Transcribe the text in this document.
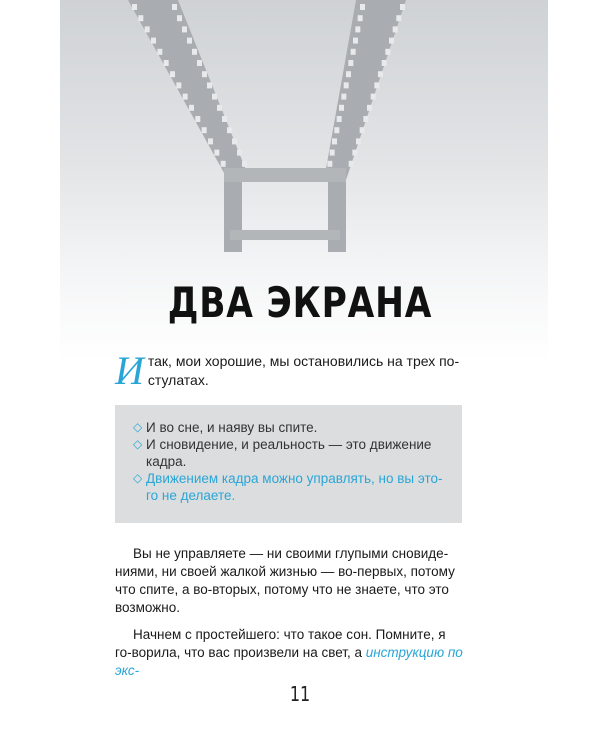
ДВА ЭКРАНА
И так, мои хорошие, мы остановились на трех по-стулатах.
◇ И во сне, и наяву вы спите.
◇ И сновидение, и реальность — это движение кадра.
◇ Движением кадра можно управлять, но вы это-го не делаете.

Вы не управляете — ни своими глупыми сновиде-ниями, ни своей жалкой жизнью — во-первых, потому что спите, а во-вторых, потому что не знаете, что это возможно.

Начнем с простейшего: что такое сон. Помните, я го-ворила, что вас произвели на свет, а инструкцию по экс-

11
